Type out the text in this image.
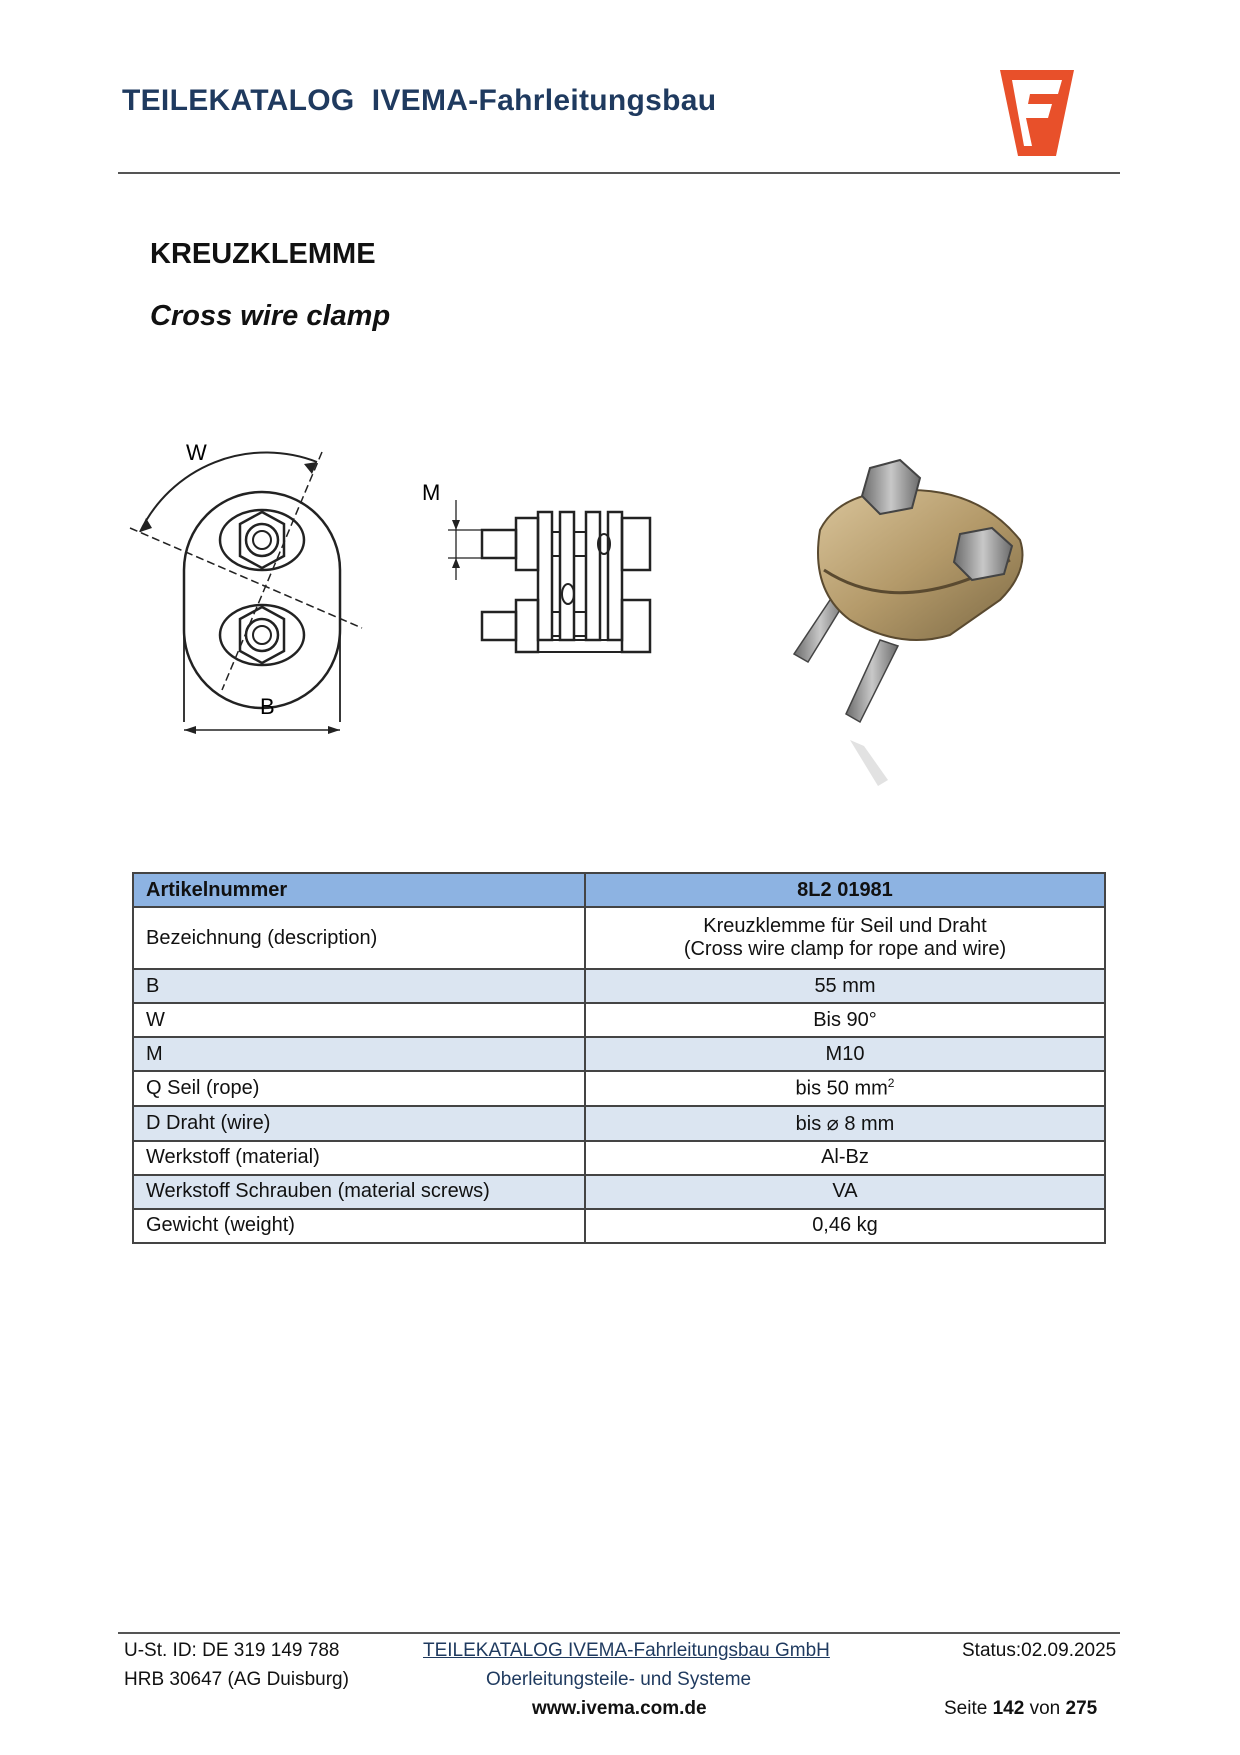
TEILEKATALOG  IVEMA-Fahrleitungsbau
KREUZKLEMME
Cross wire clamp
W
B
M
Artikelnummer	8L2 01981
Bezeichnung (description)	Kreuzklemme für Seil und Draht
(Cross wire clamp for rope and wire)

B	55 mm
W	Bis 90°
M	M10
Q Seil (rope)	bis 50 $mm^2$
D Draht (wire)	bis ⌀ 8 mm
Werkstoff (material)	Al-Bz
Werkstoff Schrauben (material screws)	VA
Gewicht (weight)	0,46 kg
U-St. ID: DE 319 149 788
HRB 30647 (AG Duisburg)
TEILEKATALOG IVEMA-Fahrleitungsbau GmbH
Oberleitungsteile- und Systeme
www.ivema.com.de
Status:02.09.2025
Seite 142 von 275
